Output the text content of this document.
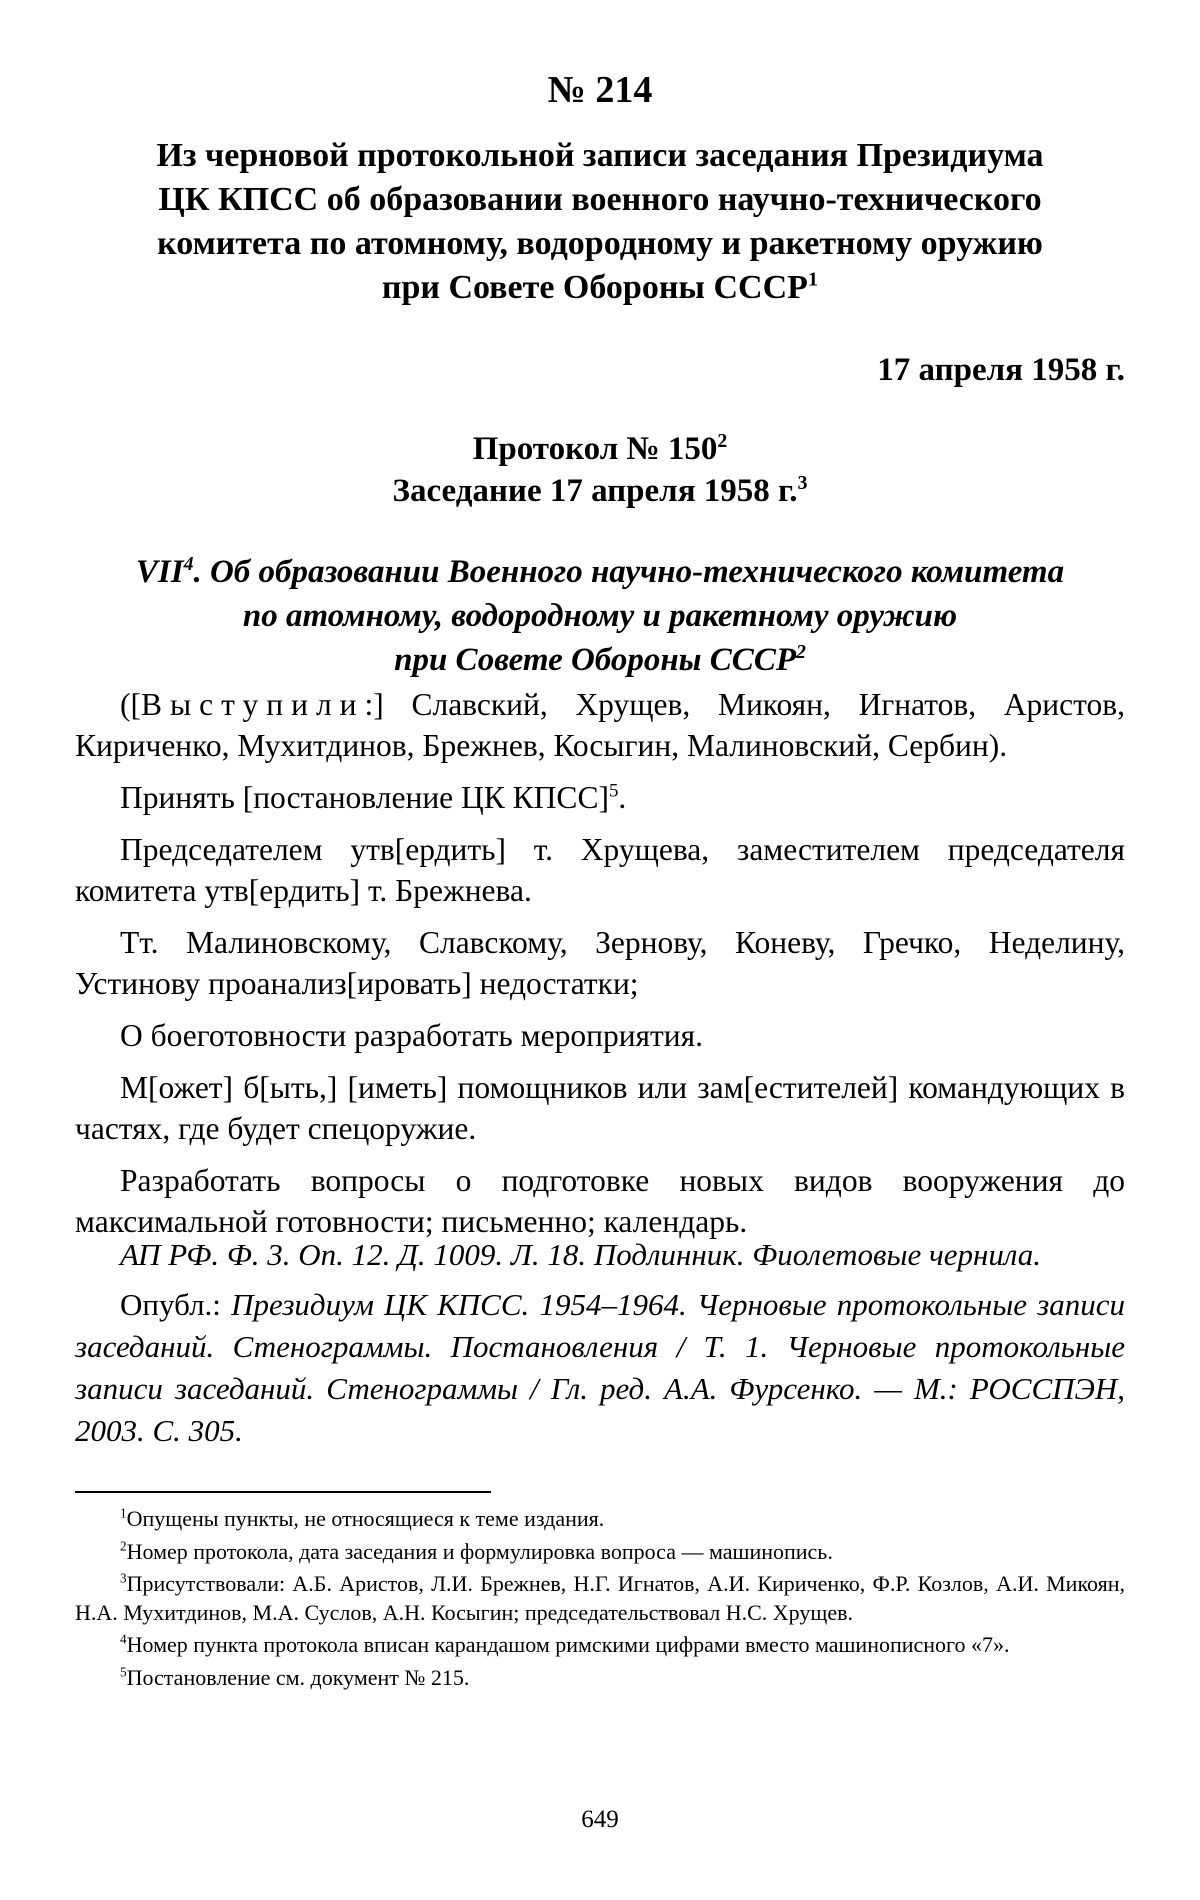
№ 214
Из черновой протокольной записи заседания Президиума
ЦК КПСС об образовании военного научно-технического
комитета по атомному, водородному и ракетному оружию
при Совете Обороны СССР$^1$
17 апреля 1958 г.
Протокол № $150^2$
Заседание 17 апреля 1958 г.$^3$
VII$^4$. Об образовании Военного научно-технического комитета
по атомному, водородному и ракетному оружию
при Совете Обороны СССР$^2$

([Выступили:] Славский, Хрущев, Микоян, Игнатов, Аристов, Кириченко, Мухитдинов, Брежнев, Косыгин, Малиновский, Сербин).

Принять [постановление ЦК КПСС]$^5$.

Председателем утв[ердить] т. Хрущева, заместителем председателя комитета утв[ердить] т. Брежнева.

Тт. Малиновскому, Славскому, Зернову, Коневу, Гречко, Неделину, Устинову проанализ[ировать] недостатки;

О боеготовности разработать мероприятия.

М[ожет] б[ыть,] [иметь] помощников или зам[естителей] командующих в частях, где будет спецоружие.

Разработать вопросы о подготовке новых видов вооружения до максимальной готовности; письменно; календарь.

АП РФ. Ф. 3. Оп. 12. Д. 1009. Л. 18. Подлинник. Фиолетовые чернила.

Опубл.: Президиум ЦК КПСС. 1954–1964. Черновые протокольные записи заседаний. Стенограммы. Постановления / Т. 1. Черновые протокольные записи заседаний. Стенограммы / Гл. ред. А.А. Фурсенко. — М.: РОССПЭН, 2003. С. 305.

$^1$Опущены пункты, не относящиеся к теме издания.

$^2$Номер протокола, дата заседания и формулировка вопроса — машинопись.

$^3$Присутствовали: А.Б. Аристов, Л.И. Брежнев, Н.Г. Игнатов, А.И. Кириченко, Ф.Р. Козлов, А.И. Микоян, Н.А. Мухитдинов, М.А. Суслов, А.Н. Косыгин; председательствовал Н.С. Хрущев.

$^4$Номер пункта протокола вписан карандашом римскими цифрами вместо машинописного «7».

$^5$Постановление см. документ № 215.

649
